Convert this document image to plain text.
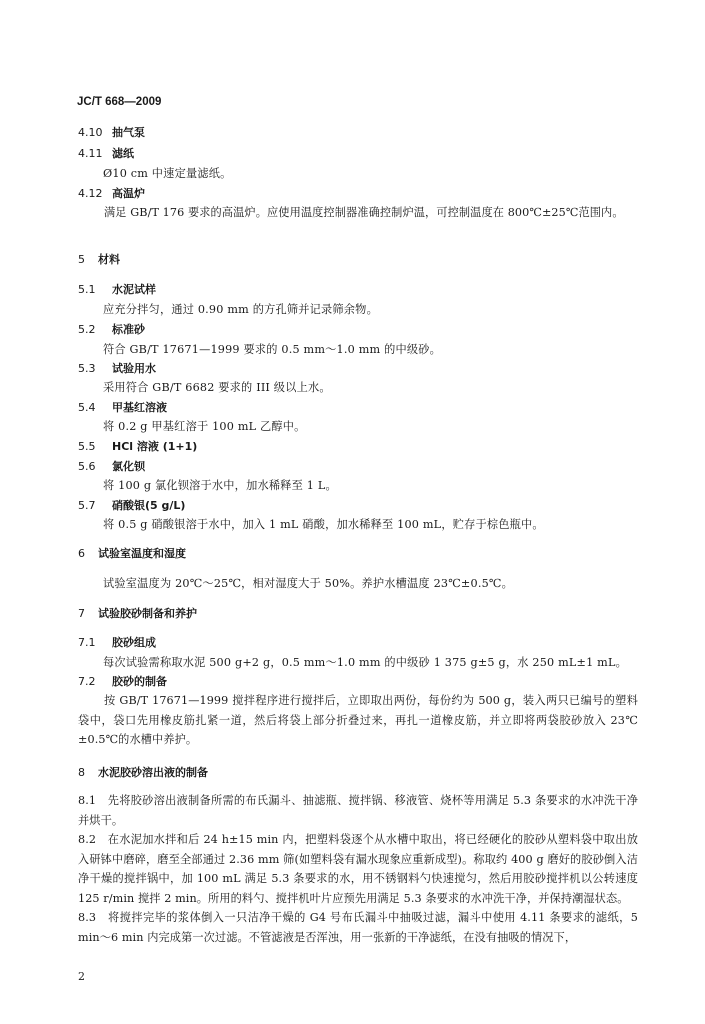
JC/T 668—2009
4.10 抽气泵
4.11 滤纸
Ø10 cm 中速定量滤纸。
4.12 高温炉
满足 GB/T 176 要求的高温炉。应使用温度控制器准确控制炉温，可控制温度在 800℃±25℃范围内。
5 材料
5.1 水泥试样
应充分拌匀，通过 0.90 mm 的方孔筛并记录筛余物。
5.2 标准砂
符合 GB/T 17671—1999 要求的 0.5 mm～1.0 mm 的中级砂。
5.3 试验用水
采用符合 GB/T 6682 要求的 III 级以上水。
5.4 甲基红溶液
将 0.2 g 甲基红溶于 100 mL 乙醇中。
5.5 HCl 溶液 (1+1)
5.6 氯化钡
将 100 g 氯化钡溶于水中，加水稀释至 1 L。
5.7 硝酸银(5 g/L)
将 0.5 g 硝酸银溶于水中，加入 1 mL 硝酸，加水稀释至 100 mL，贮存于棕色瓶中。
6 试验室温度和湿度
试验室温度为 20℃～25℃，相对湿度大于 50%。养护水槽温度 23℃±0.5℃。
7 试验胶砂制备和养护
7.1 胶砂组成
每次试验需称取水泥 500 g+2 g，0.5 mm～1.0 mm 的中级砂 1 375 g±5 g，水 250 mL±1 mL。
7.2 胶砂的制备
按 GB/T 17671—1999 搅拌程序进行搅拌后，立即取出两份，每份约为 500 g，装入两只已编号的塑料袋中，袋口先用橡皮筋扎紧一道，然后将袋上部分折叠过来，再扎一道橡皮筋，并立即将两袋胶砂放入 23℃±0.5℃的水槽中养护。
8 水泥胶砂溶出液的制备
8.1　先将胶砂溶出液制备所需的布氏漏斗、抽滤瓶、搅拌锅、移液管、烧杯等用满足 5.3 条要求的水冲洗干净并烘干。
8.2　在水泥加水拌和后 24 h±15 min 内，把塑料袋逐个从水槽中取出，将已经硬化的胶砂从塑料袋中取出放入研钵中磨碎，磨至全部通过 2.36 mm 筛(如塑料袋有漏水现象应重新成型)。称取约 400 g 磨好的胶砂倒入洁净干燥的搅拌锅中，加 100 mL 满足 5.3 条要求的水，用不锈钢料勺快速搅匀，然后用胶砂搅拌机以公转速度 125 r/min 搅拌 2 min。所用的料勺、搅拌机叶片应预先用满足 5.3 条要求的水冲洗干净，并保持潮湿状态。
8.3　将搅拌完毕的浆体倒入一只洁净干燥的 G4 号布氏漏斗中抽吸过滤，漏斗中使用 4.11 条要求的滤纸，5 min～6 min 内完成第一次过滤。不管滤液是否浑浊，用一张新的干净滤纸，在没有抽吸的情况下，
2
